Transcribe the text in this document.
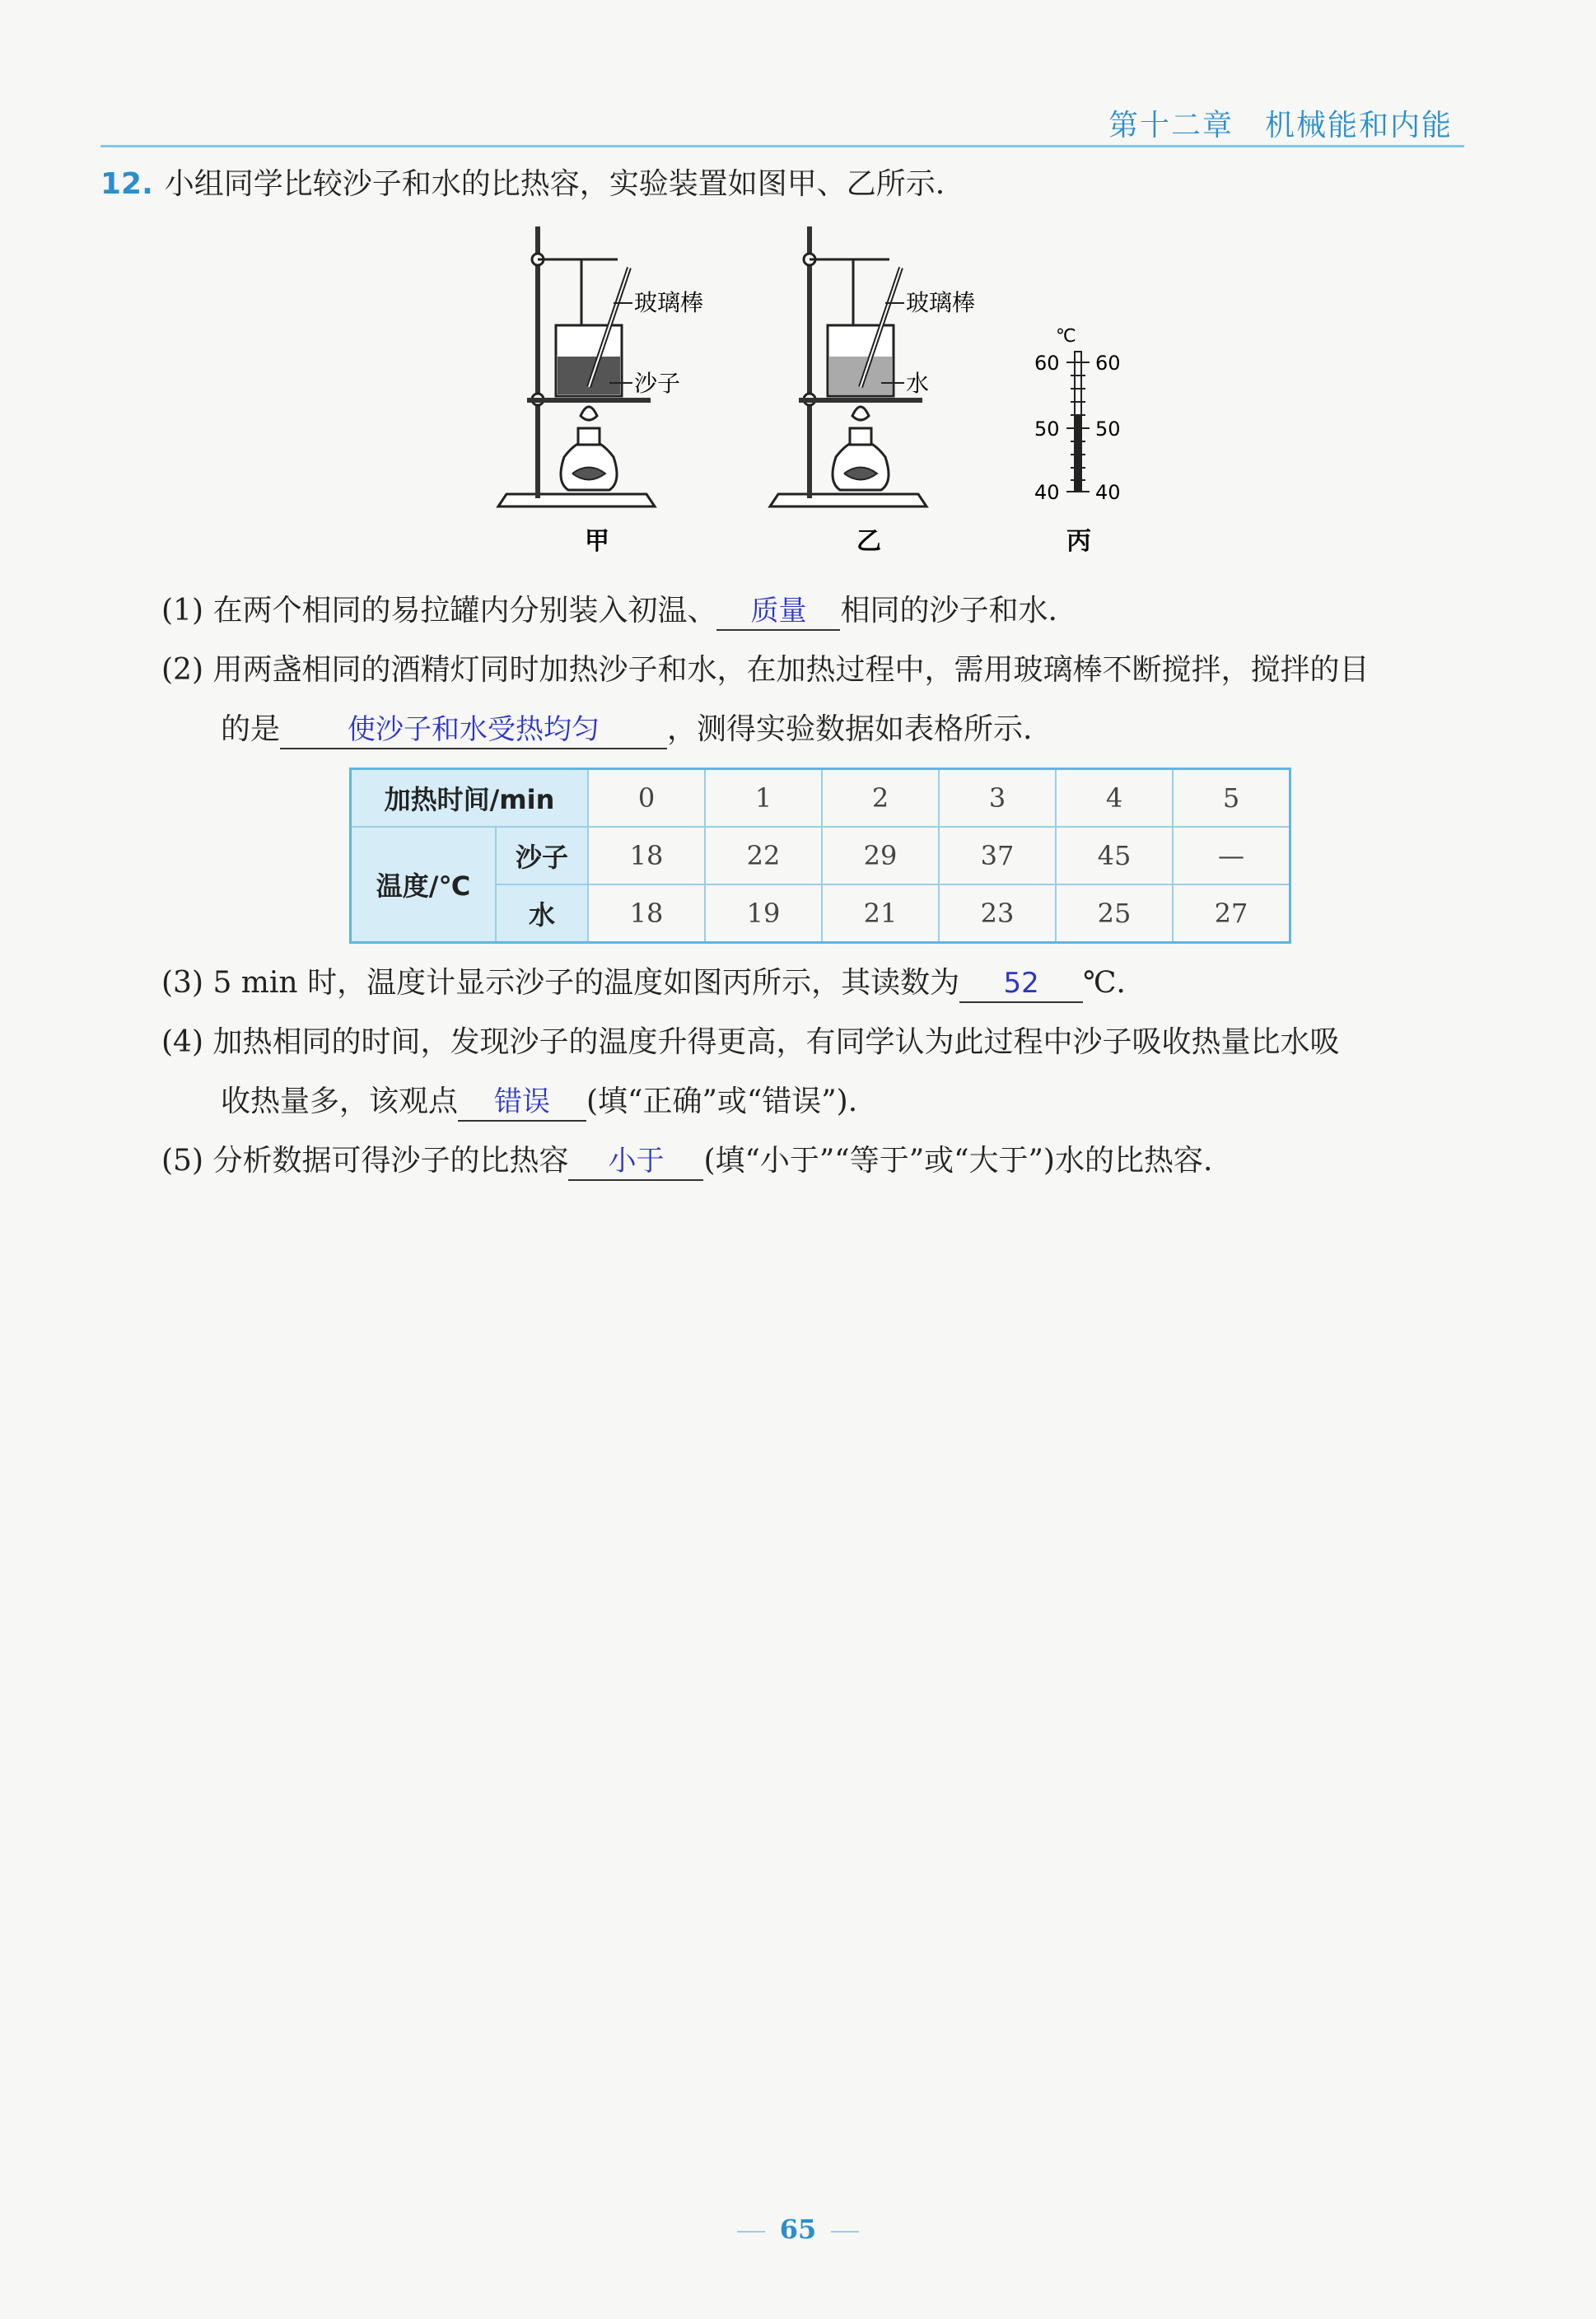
第十二章　机械能和内能
12. 小组同学比较沙子和水的比热容，实验装置如图甲、乙所示.
玻璃棒
沙子
甲
玻璃棒
水
乙
℃
60 60
50 50
40 40
丙
(1) 在两个相同的易拉罐内分别装入初温、 质量 相同的沙子和水.
(2) 用两盏相同的酒精灯同时加热沙子和水，在加热过程中，需用玻璃棒不断搅拌，搅拌的目
的是 使沙子和水受热均匀 ，测得实验数据如表格所示.
加热时间/min		0	1	2	3	4	5
温度/℃	沙子	18	22	29	37	45	—
	水	18	19	21	23	25	27
(3) 5 min 时，温度计显示沙子的温度如图丙所示，其读数为 52 ℃.
(4) 加热相同的时间，发现沙子的温度升得更高，有同学认为此过程中沙子吸收热量比水吸
收热量多，该观点 错误 (填“正确”或“错误”).
(5) 分析数据可得沙子的比热容 小于 (填“小于”“等于”或“大于”)水的比热容.
65
